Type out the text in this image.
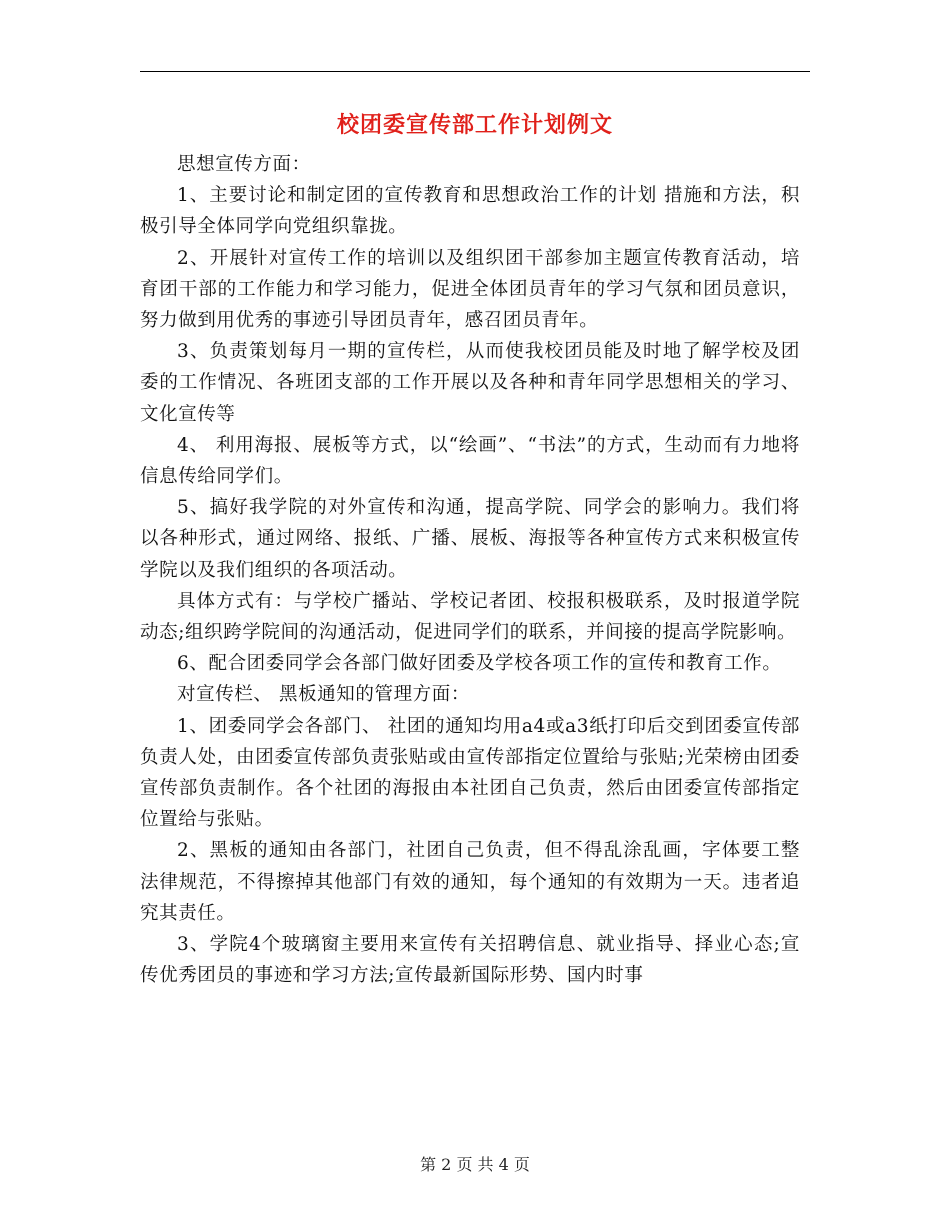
校团委宣传部工作计划例文

思想宣传方面：

1、主要讨论和制定团的宣传教育和思想政治工作的计划 措施和方法，积极引导全体同学向党组织靠拢。

2、开展针对宣传工作的培训以及组织团干部参加主题宣传教育活动，培育团干部的工作能力和学习能力，促进全体团员青年的学习气氛和团员意识，努力做到用优秀的事迹引导团员青年，感召团员青年。

3、负责策划每月一期的宣传栏，从而使我校团员能及时地了解学校及团委的工作情况、各班团支部的工作开展以及各种和青年同学思想相关的学习、文化宣传等

4、 利用海报、展板等方式，以“绘画”、“书法”的方式，生动而有力地将信息传给同学们。

5、搞好我学院的对外宣传和沟通，提高学院、同学会的影响力。我们将以各种形式，通过网络、报纸、广播、展板、海报等各种宣传方式来积极宣传学院以及我们组织的各项活动。

具体方式有：与学校广播站、学校记者团、校报积极联系，及时报道学院动态;组织跨学院间的沟通活动，促进同学们的联系，并间接的提高学院影响。

6、配合团委同学会各部门做好团委及学校各项工作的宣传和教育工作。

对宣传栏、 黑板通知的管理方面：

1、团委同学会各部门、 社团的通知均用a4或a3纸打印后交到团委宣传部负责人处，由团委宣传部负责张贴或由宣传部指定位置给与张贴;光荣榜由团委宣传部负责制作。各个社团的海报由本社团自己负责，然后由团委宣传部指定位置给与张贴。

2、黑板的通知由各部门，社团自己负责，但不得乱涂乱画，字体要工整法律规范，不得擦掉其他部门有效的通知，每个通知的有效期为一天。违者追究其责任。

3、学院4个玻璃窗主要用来宣传有关招聘信息、就业指导、择业心态;宣传优秀团员的事迹和学习方法;宣传最新国际形势、国内时事

第 2 页 共 4 页
